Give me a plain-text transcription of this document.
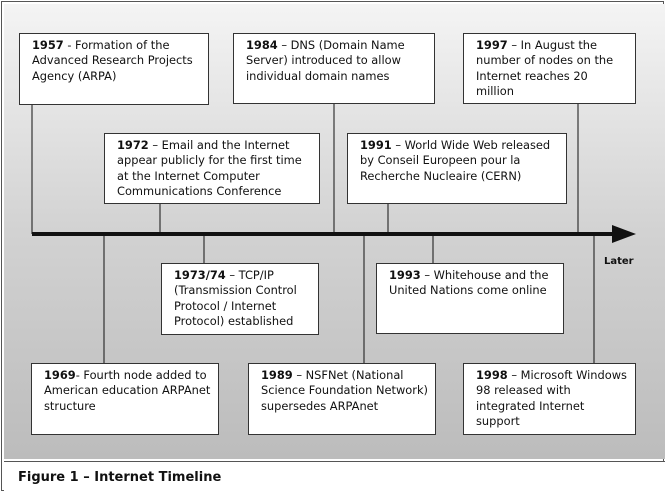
Figure 1 – Internet Timeline
1957 - Formation of the Advanced Research Projects Agency (ARPA)
1984 – DNS (Domain Name Server) introduced to allow individual domain names
1997 – In August the number of nodes on the Internet reaches 20 million
1972 – Email and the Internet appear publicly for the first time at the Internet Computer Communications Conference
1991 – World Wide Web released by Conseil Europeen pour la Recherche Nucleaire (CERN)
1973/74 – TCP/IP (Transmission Control Protocol / Internet Protocol) established
1993 – Whitehouse and the United Nations come online
1969- Fourth node added to American education ARPAnet structure
1989 – NSFNet (National Science Foundation Network) supersedes ARPAnet
1998 – Microsoft Windows 98 released with integrated Internet support
Later
